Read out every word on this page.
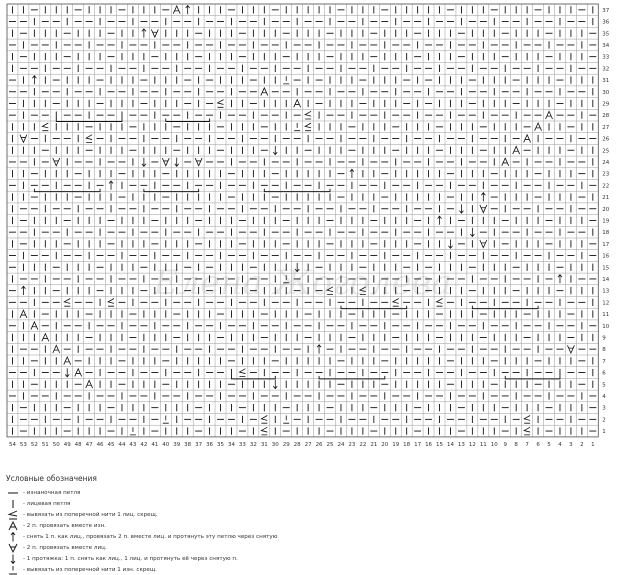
Елена Жоголева
1
2
3
4
5
6
7
8
9
10
11
12
13
14
15
16
17
18
19
20
21
22
23
24
25
26
27
28
29
30
31
32
33
34
35
36
37
54 53 52 51 50 49 48 47 46 45 44 43 42 41 40 39 38 37 36 35 34 33 32 31 30 29 28 27 26 25 24 23 22 21 20 19 18 17 16 15 14 13 12 11 10 9 8 7 6 5 4 3 2 1
Условные обозначения
- изнаночная петля
- лицевая петля
- вывязать из поперечной нити 1 лиц. скрещ.
- 2 п. провязать вместе изн.
- снять 1 п. как лиц., провязать 2 п. вместе лиц. и протянуть эту петлю через снятую
- 2 п. провязать вместе лиц.
- 1 протяжка: 1 п. снять как лиц., 1 лиц. и протянуть её через снятую п.
- вывязать из поперечной нити 1 изн. скрещ.
